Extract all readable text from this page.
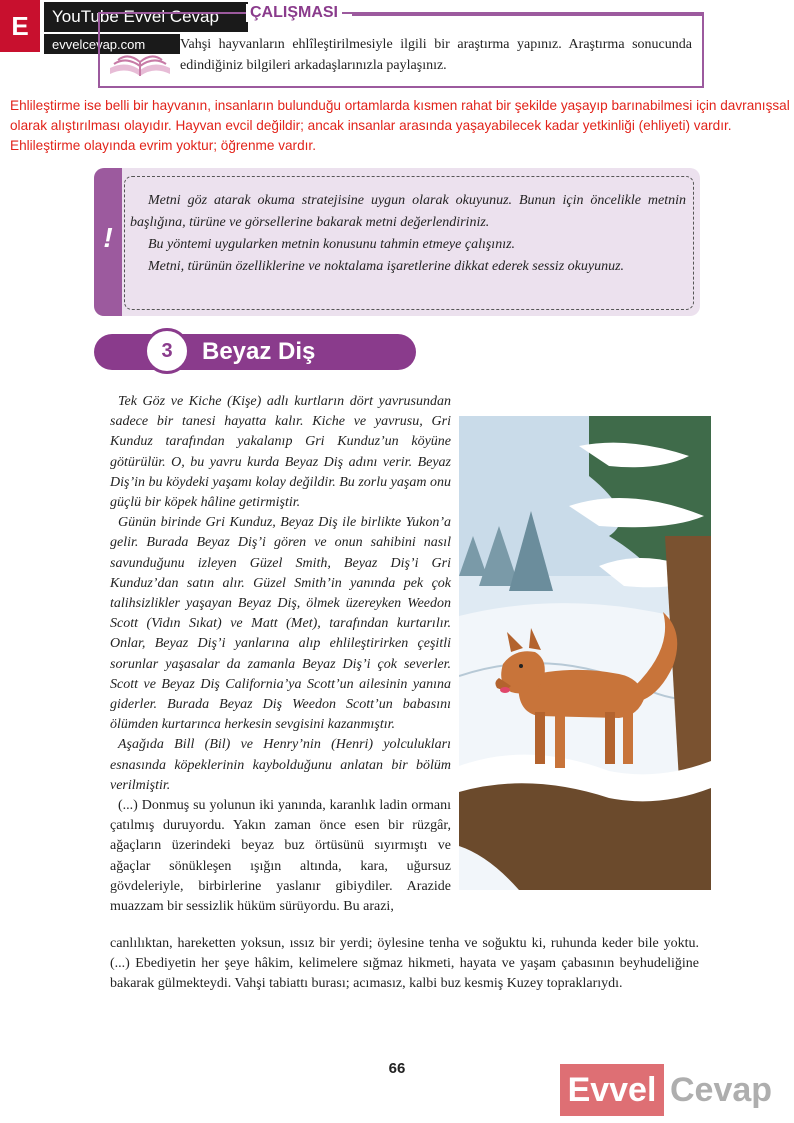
E	YouTube Evvel Cevap
evvelcevap.com
ÇALIŞMASI
Vahşi hayvanların ehlîleştirilmesiyle ilgili bir araştırma yapınız. Araştırma sonucunda edindiğiniz bilgileri arkadaşlarınızla paylaşınız.
Ehlileştirme ise belli bir hayvanın, insanların bulunduğu ortamlarda kısmen rahat bir şekilde yaşayıp barınabilmesi için davranışsal olarak alıştırılması olayıdır. Hayvan evcil değildir; ancak insanlar arasında yaşayabilecek kadar yetkinliği (ehliyeti) vardır. Ehlileştirme olayında evrim yoktur; öğrenme vardır.
!

Metni göz atarak okuma stratejisine uygun olarak okuyunuz. Bunun için öncelikle metnin başlığına, türüne ve görsellerine bakarak metni değerlendiriniz.

Bu yöntemi uygularken metnin konusunu tahmin etmeye çalışınız.

Metni, türünün özelliklerine ve noktalama işaretlerine dikkat ederek sessiz okuyunuz.

3	Beyaz Diş

Tek Göz ve Kiche (Kişe) adlı kurtların dört yavrusundan sadece bir tanesi hayatta kalır. Kiche ve yavrusu, Gri Kunduz tarafından yakalanıp Gri Kunduz’un köyüne götürülür. O, bu yavru kurda Beyaz Diş adını verir. Beyaz Diş’in bu köydeki yaşamı kolay değildir. Bu zorlu yaşam onu güçlü bir köpek hâline getirmiştir.

Günün birinde Gri Kunduz, Beyaz Diş ile birlikte Yukon’a gelir. Burada Beyaz Diş’i gören ve onun sahibini nasıl savunduğunu izleyen Güzel Smith, Beyaz Diş’i Gri Kunduz’dan satın alır. Güzel Smith’in yanında pek çok talihsizlikler yaşayan Beyaz Diş, ölmek üzereyken Weedon Scott (Vidın Sıkat) ve Matt (Met), tarafından kurtarılır. Onlar, Beyaz Diş’i yanlarına alıp ehlileştirirken çeşitli sorunlar yaşasalar da zamanla Beyaz Diş’i çok severler. Scott ve Beyaz Diş California’ya Scott’un ailesinin yanına giderler. Burada Beyaz Diş Weedon Scott’un babasını ölümden kurtarınca herkesin sevgisini kazanmıştır.

Aşağıda Bill (Bil) ve Henry’nin (Henri) yolculukları esnasında köpeklerinin kaybolduğunu anlatan bir bölüm verilmiştir.

(...) Donmuş su yolunun iki yanında, karanlık ladin ormanı çatılmış duruyordu. Yakın zaman önce esen bir rüzgâr, ağaçların üzerindeki beyaz buz örtüsünü sıyırmıştı ve ağaçlar sönükleşen ışığın altında, kara, uğursuz gövdeleriyle, birbirlerine yaslanır gibiydiler. Arazide muazzam bir sessizlik hüküm sürüyordu. Bu arazi,

canlılıktan, hareketten yoksun, ıssız bir yerdi; öylesine tenha ve soğuktu ki, ruhunda keder bile yoktu. (...) Ebediyetin her şeye hâkim, kelimelere sığmaz hikmeti, hayata ve yaşam çabasının beyhudeliğine bakarak gülmekteydi. Vahşi tabiattı burası; acımasız, kalbi buz kesmiş Kuzey topraklarıydı.
66
Evvel Cevap
